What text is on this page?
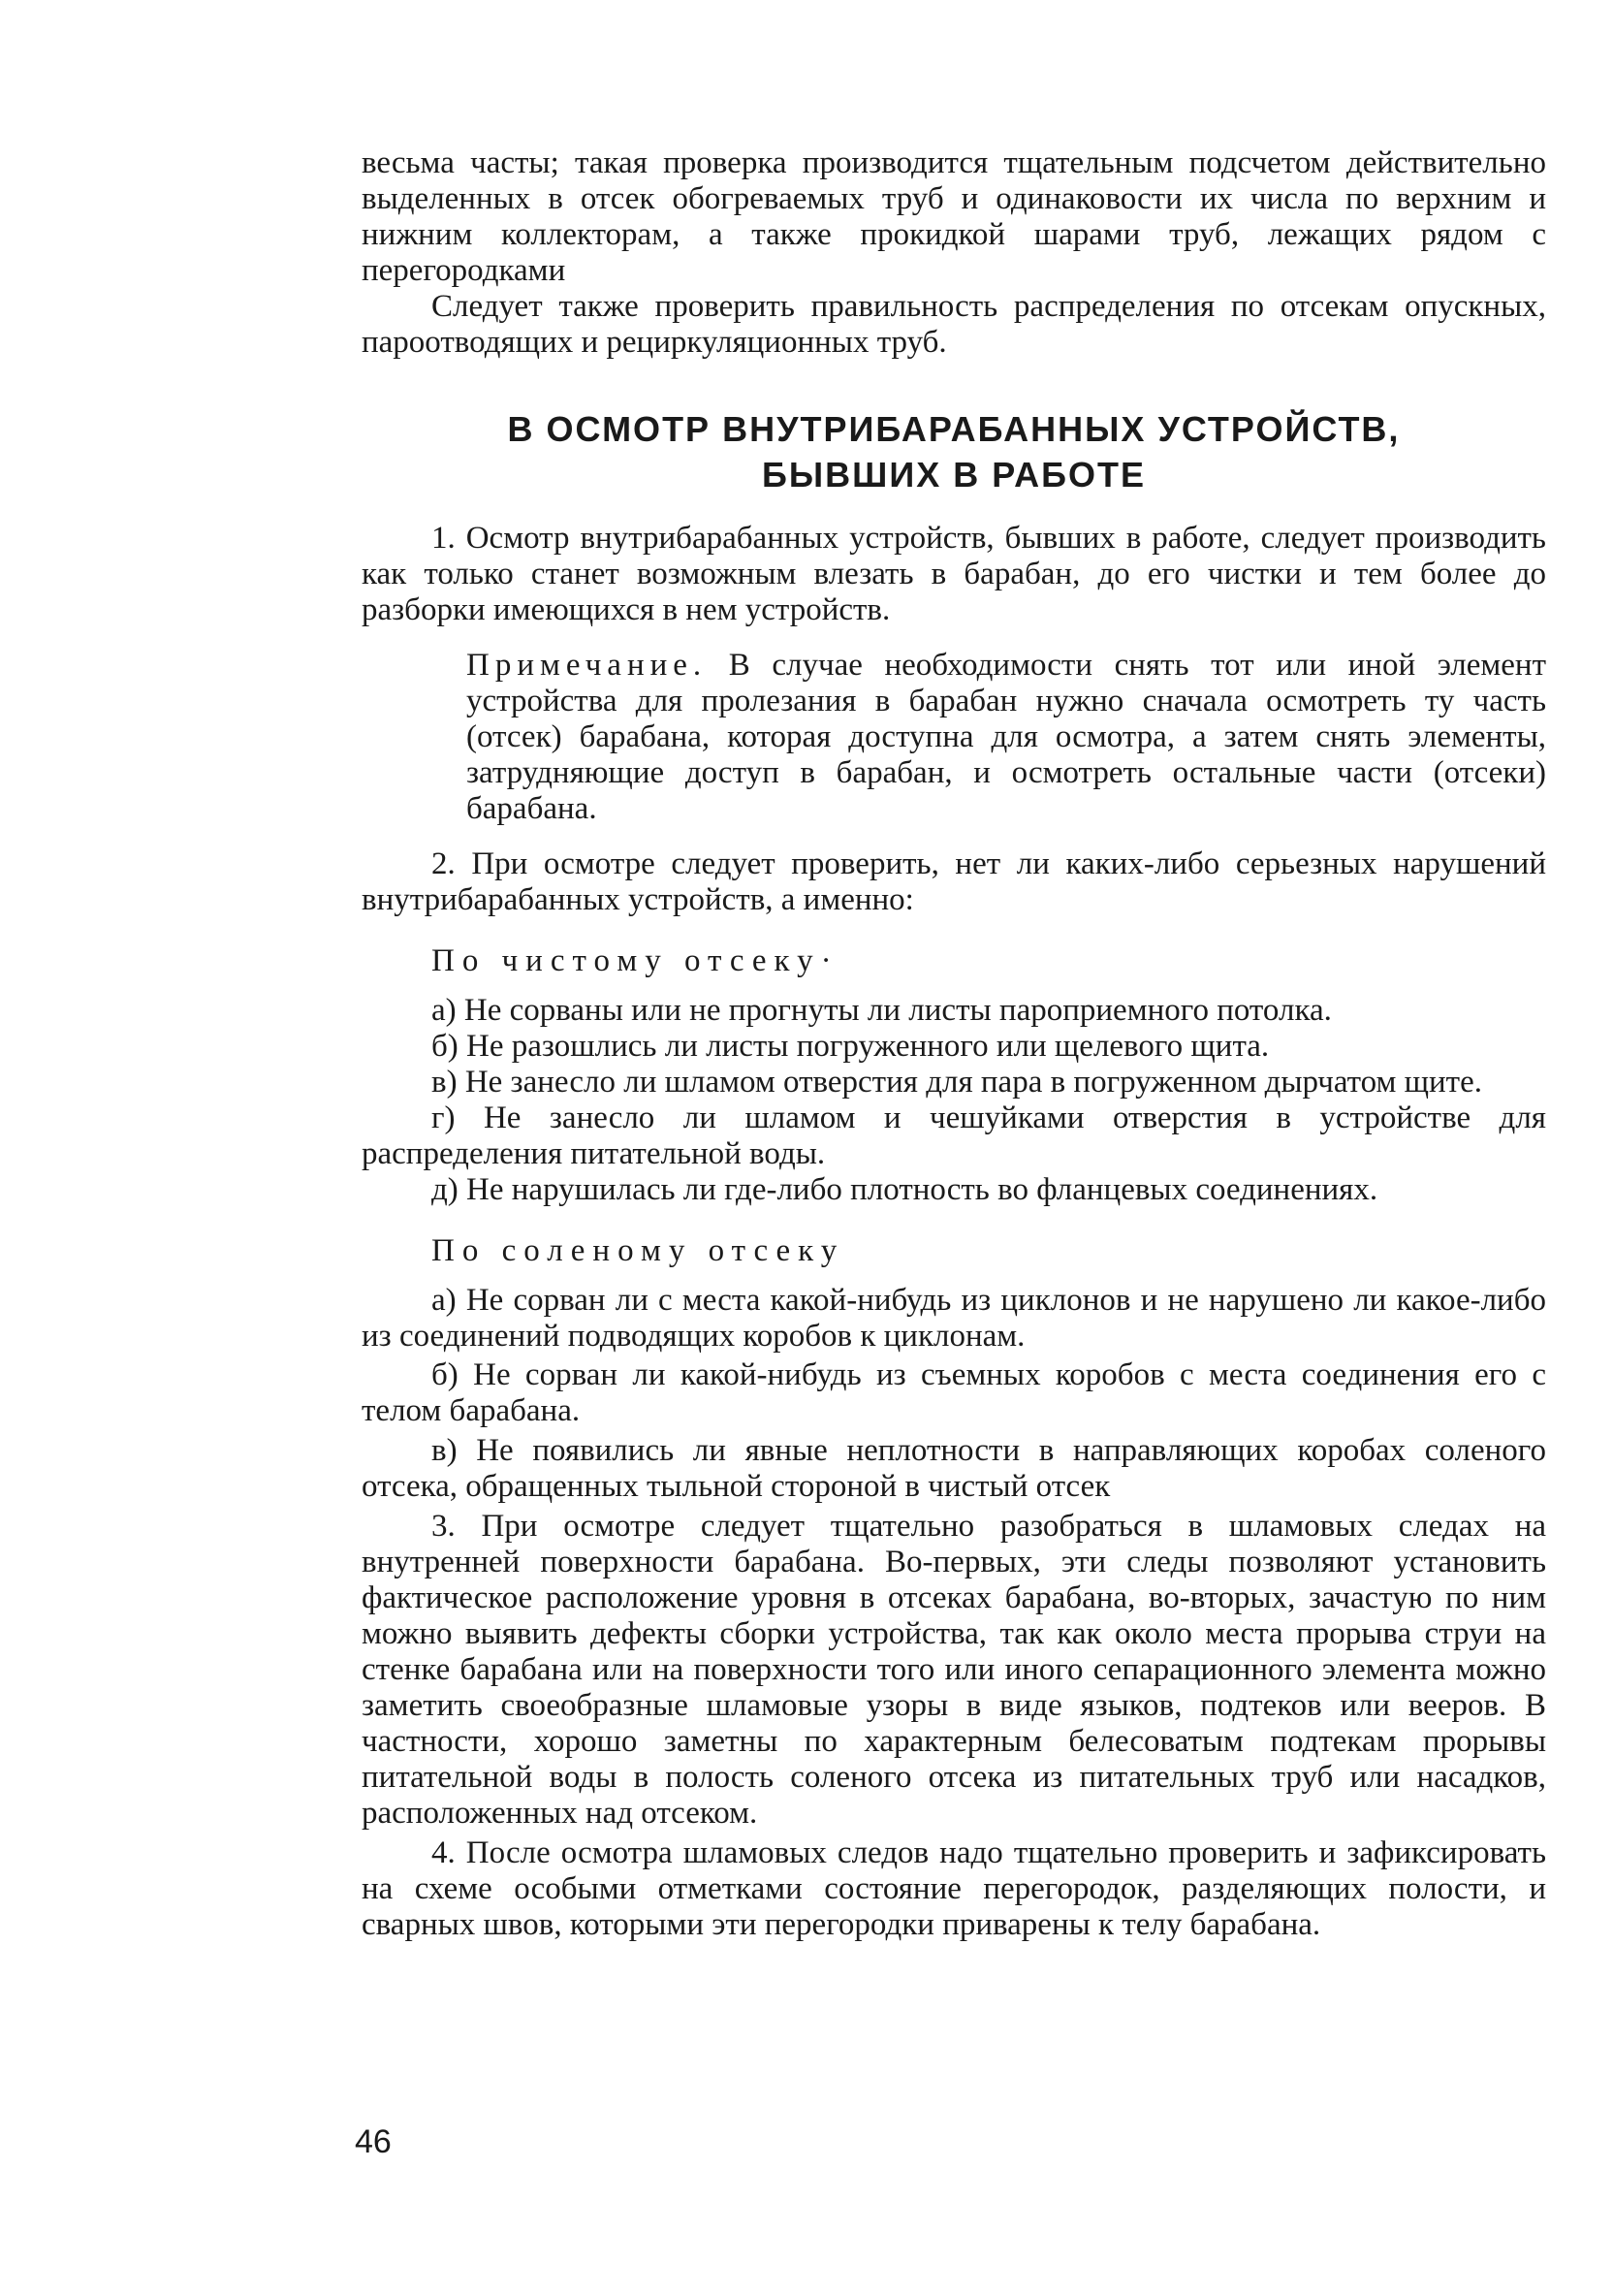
весьма часты; такая проверка производится тщательным подсчетом действительно выделенных в отсек обогреваемых труб и одинаковости их числа по верхним и нижним коллекторам, а также прокидкой шарами труб, лежащих рядом с перегородками

Следует также проверить правильность распределения по отсекам опускных, пароотводящих и рециркуляционных труб.

В ОСМОТР ВНУТРИБАРАБАННЫХ УСТРОЙСТВ,
БЫВШИХ В РАБОТЕ

1. Осмотр внутрибарабанных устройств, бывших в работе, следует производить как только станет возможным влезать в барабан, до его чистки и тем более до разборки имеющихся в нем устройств.

Примечание. В случае необходимости снять тот или иной элемент устройства для пролезания в барабан нужно сначала осмотреть ту часть (отсек) барабана, которая доступна для осмотра, а затем снять элементы, затрудняющие доступ в барабан, и осмотреть остальные части (отсеки) барабана.

2. При осмотре следует проверить, нет ли каких-либо серьезных нарушений внутрибарабанных устройств, а именно:

По чистому отсеку·

а) Не сорваны или не прогнуты ли листы пароприемного потолка.

б) Не разошлись ли листы погруженного или щелевого щита.

в) Не занесло ли шламом отверстия для пара в погруженном дырчатом щите.

г) Не занесло ли шламом и чешуйками отверстия в устройстве для распределения питательной воды.

д) Не нарушилась ли где-либо плотность во фланцевых соединениях.

По соленому отсеку

а) Не сорван ли с места какой-нибудь из циклонов и не нарушено ли какое-либо из соединений подводящих коробов к циклонам.

б) Не сорван ли какой-нибудь из съемных коробов с места соединения его с телом барабана.

в) Не появились ли явные неплотности в направляющих коробах соленого отсека, обращенных тыльной стороной в чистый отсек

3. При осмотре следует тщательно разобраться в шламовых следах на внутренней поверхности барабана. Во-первых, эти следы позволяют установить фактическое расположение уровня в отсеках барабана, во-вторых, зачастую по ним можно выявить дефекты сборки устройства, так как около места прорыва струи на стенке барабана или на поверхности того или иного сепарационного элемента можно заметить своеобразные шламовые узоры в виде языков, подтеков или вееров. В частности, хорошо заметны по характерным белесоватым подтекам прорывы питательной воды в полость соленого отсека из питательных труб или насадков, расположенных над отсеком.

4. После осмотра шламовых следов надо тщательно проверить и зафиксировать на схеме особыми отметками состояние перегородок, разделяющих полости, и сварных швов, которыми эти перегородки приварены к телу барабана.

46
